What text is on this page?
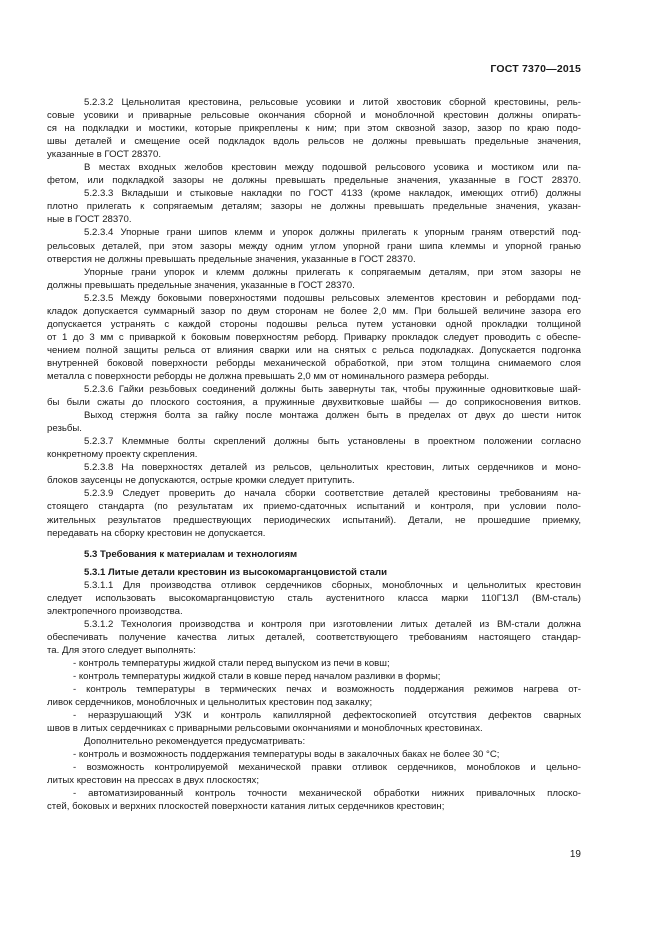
ГОСТ 7370—2015
5.2.3.2 Цельнолитая крестовина, рельсовые усовики и литой хвостовик сборной крестовины, рель-
совые усовики и приварные рельсовые окончания сборной и моноблочной крестовин должны опирать-
ся на подкладки и мостики, которые прикреплены к ним; при этом сквозной зазор, зазор по краю подо-
швы деталей и смещение осей подкладок вдоль рельсов не должны превышать предельные значения,
указанные в ГОСТ 28370.
В местах входных желобов крестовин между подошвой рельсового усовика и мостиком или па-
фетом, или подкладкой зазоры не должны превышать предельные значения, указанные в ГОСТ 28370.
5.2.3.3 Вкладыши и стыковые накладки по ГОСТ 4133 (кроме накладок, имеющих отгиб) должны
плотно прилегать к сопрягаемым деталям; зазоры не должны превышать предельные значения, указан-
ные в ГОСТ 28370.
5.2.3.4 Упорные грани шипов клемм и упорок должны прилегать к упорным граням отверстий под-
рельсовых деталей, при этом зазоры между одним углом упорной грани шипа клеммы и упорной гранью
отверстия не должны превышать предельные значения, указанные в ГОСТ 28370.
Упорные грани упорок и клемм должны прилегать к сопрягаемым деталям, при этом зазоры не
должны превышать предельные значения, указанные в ГОСТ 28370.
5.2.3.5 Между боковыми поверхностями подошвы рельсовых элементов крестовин и ребордами под-
кладок допускается суммарный зазор по двум сторонам не более 2,0 мм. При большей величине зазора его
допускается устранять с каждой стороны подошвы рельса путем установки одной прокладки толщиной
от 1 до 3 мм с приваркой к боковым поверхностям реборд. Приварку прокладок следует проводить с обеспе-
чением полной защиты рельса от влияния сварки или на снятых с рельса подкладках. Допускается подгонка
внутренней боковой поверхности реборды механической обработкой, при этом толщина снимаемого слоя
металла с поверхности реборды не должна превышать 2,0 мм от номинального размера реборды.
5.2.3.6 Гайки резьбовых соединений должны быть завернуты так, чтобы пружинные одновитковые шай-
бы были сжаты до плоского состояния, а пружинные двухвитковые шайбы — до соприкосновения витков.
Выход стержня болта за гайку после монтажа должен быть в пределах от двух до шести ниток
резьбы.
5.2.3.7 Клеммные болты скреплений должны быть установлены в проектном положении согласно
конкретному проекту скрепления.
5.2.3.8 На поверхностях деталей из рельсов, цельнолитых крестовин, литых сердечников и моно-
блоков заусенцы не допускаются, острые кромки следует притупить.
5.2.3.9 Следует проверить до начала сборки соответствие деталей крестовины требованиям на-
стоящего стандарта (по результатам их приемо-сдаточных испытаний и контроля, при условии поло-
жительных результатов предшествующих периодических испытаний). Детали, не прошедшие приемку,
передавать на сборку крестовин не допускается.
5.3 Требования к материалам и технологиям
5.3.1 Литые детали крестовин из высокомарганцовистой стали
5.3.1.1 Для производства отливок сердечников сборных, моноблочных и цельнолитых крестовин
следует использовать высокомарганцовистую сталь аустенитного класса марки 110Г13Л (ВМ-сталь)
электропечного производства.
5.3.1.2 Технология производства и контроля при изготовлении литых деталей из ВМ-стали должна
обеспечивать получение качества литых деталей, соответствующего требованиям настоящего стандар-
та. Для этого следует выполнять:
- контроль температуры жидкой стали перед выпуском из печи в ковш;
- контроль температуры жидкой стали в ковше перед началом разливки в формы;
- контроль температуры в термических печах и возможность поддержания режимов нагрева от-
ливок сердечников, моноблочных и цельнолитых крестовин под закалку;
- неразрушающий УЗК и контроль капиллярной дефектоскопией отсутствия дефектов сварных
швов в литых сердечниках с приварными рельсовыми окончаниями и моноблочных крестовинах.
Дополнительно рекомендуется предусматривать:
- контроль и возможность поддержания температуры воды в закалочных баках не более 30 °С;
- возможность контролируемой механической правки отливок сердечников, моноблоков и цельно-
литых крестовин на прессах в двух плоскостях;
- автоматизированный контроль точности механической обработки нижних привалочных плоско-
стей, боковых и верхних плоскостей поверхности катания литых сердечников крестовин;
19
